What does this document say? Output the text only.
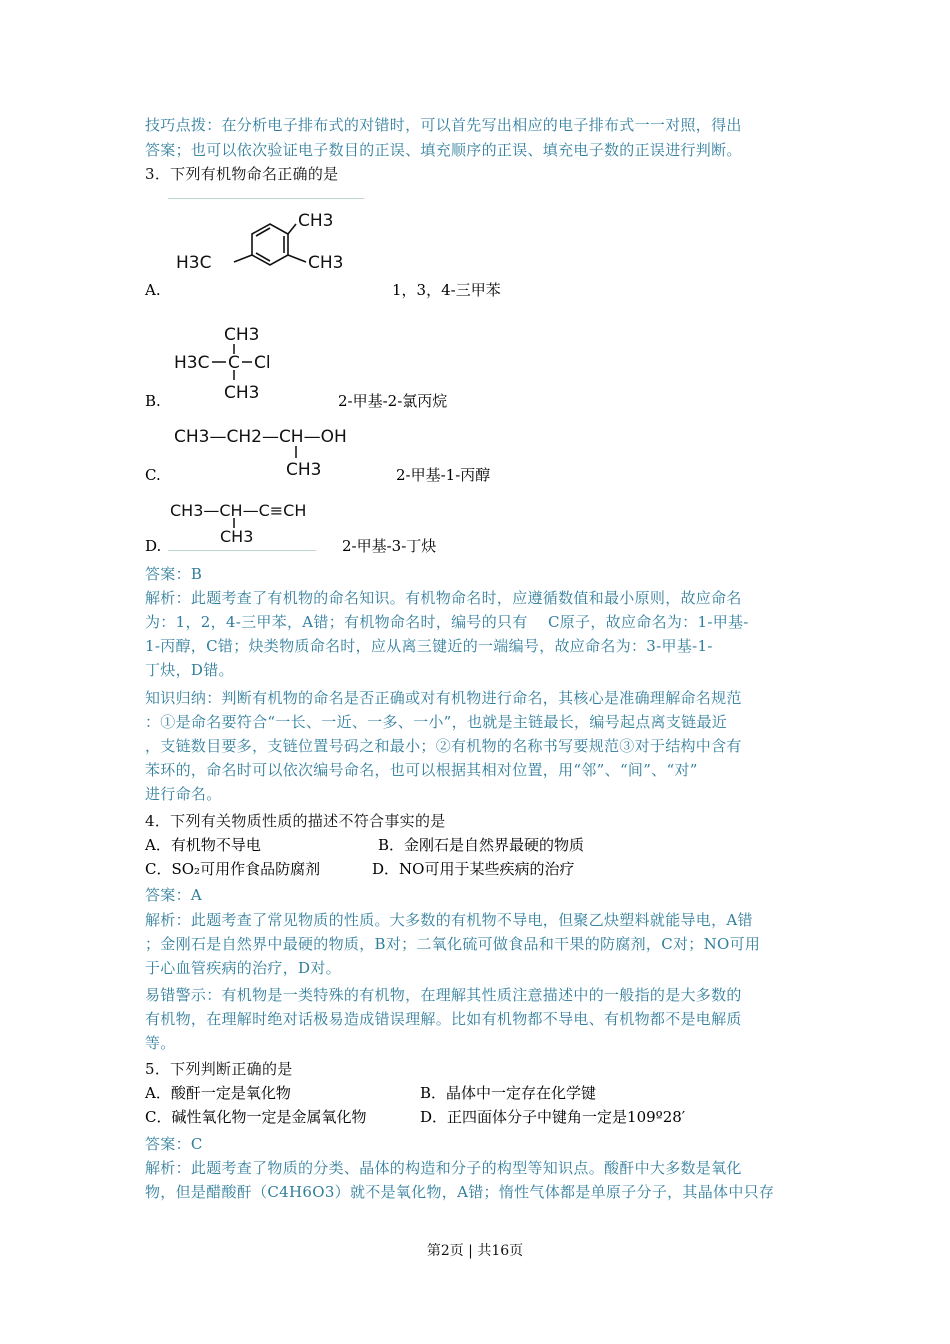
技巧点拨：在分析电子排布式的对错时，可以首先写出相应的电子排布式一一对照，得出
答案；也可以依次验证电子数目的正误、填充顺序的正误、填充电子数的正误进行判断。
3．下列有机物命名正确的是
CH3
H3C	CH3
A.	1，3，4-三甲苯
CH3
H3C C Cl
CH3
B.	2-甲基-2-氯丙烷
CH3—CH2—CH—OH
CH3
C.	2-甲基-1-丙醇
CH3—CH—C≡CH
CH3
D.	2-甲基-3-丁炔
答案：B
解析：此题考查了有机物的命名知识。有机物命名时，应遵循数值和最小原则，故应命名
为：1，2，4-三甲苯，A错；有机物命名时，编号的只有　 C原子，故应命名为：1-甲基-
1-丙醇，C错；炔类物质命名时，应从离三键近的一端编号，故应命名为：3-甲基-1-
丁炔，D错。
知识归纳：判断有机物的命名是否正确或对有机物进行命名，其核心是准确理解命名规范
：①是命名要符合“一长、一近、一多、一小”，也就是主链最长，编号起点离支链最近
，支链数目要多，支链位置号码之和最小；②有机物的名称书写要规范③对于结构中含有
苯环的，命名时可以依次编号命名，也可以根据其相对位置，用“邻”、“间”、“对”
进行命名。
4．下列有关物质性质的描述不符合事实的是
A．有机物不导电	B．金刚石是自然界最硬的物质
C．SO₂可用作食品防腐剂	D．NO可用于某些疾病的治疗
答案：A
解析：此题考查了常见物质的性质。大多数的有机物不导电，但聚乙炔塑料就能导电，A错
；金刚石是自然界中最硬的物质，B对；二氧化硫可做食品和干果的防腐剂，C对；NO可用
于心血管疾病的治疗，D对。
易错警示：有机物是一类特殊的有机物，在理解其性质注意描述中的一般指的是大多数的
有机物，在理解时绝对话极易造成错误理解。比如有机物都不导电、有机物都不是电解质
等。
5．下列判断正确的是
A．酸酐一定是氧化物	B．晶体中一定存在化学键
C．碱性氧化物一定是金属氧化物	D．正四面体分子中键角一定是109º28′
答案：C
解析：此题考查了物质的分类、晶体的构造和分子的构型等知识点。酸酐中大多数是氧化
物，但是醋酸酐（C4H6O3）就不是氧化物，A错；惰性气体都是单原子分子，其晶体中只存
第2页 | 共16页
